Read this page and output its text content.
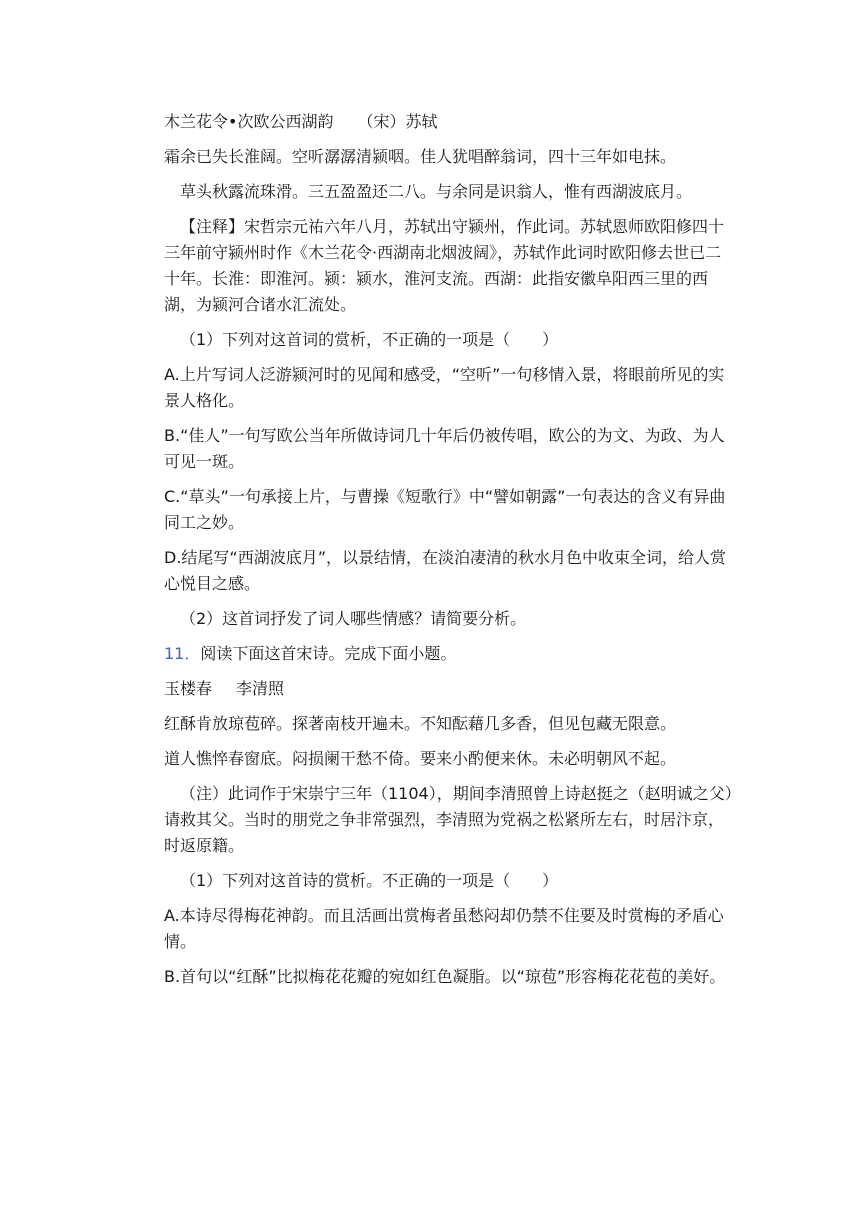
木兰花令•次欧公西湖韵 （宋）苏轼

霜余已失长淮阔。空听潺潺清颍咽。佳人犹唱醉翁词，四十三年如电抹。

草头秋露流珠滑。三五盈盈还二八。与余同是识翁人，惟有西湖波底月。

【注释】宋哲宗元祐六年八月，苏轼出守颍州，作此词。苏轼恩师欧阳修四十三年前守颍州时作《木兰花令·西湖南北烟波阔》，苏轼作此词时欧阳修去世已二十年。长淮：即淮河。颍：颍水，淮河支流。西湖：此指安徽阜阳西三里的西湖，为颍河合诸水汇流处。

（1）下列对这首词的赏析，不正确的一项是（　　）

A.上片写词人泛游颍河时的见闻和感受，“空听”一句移情入景，将眼前所见的实景人格化。

B.“佳人”一句写欧公当年所做诗词几十年后仍被传唱，欧公的为文、为政、为人可见一斑。

C.“草头”一句承接上片，与曹操《短歌行》中“譬如朝露”一句表达的含义有异曲同工之妙。

D.结尾写“西湖波底月”，以景结情，在淡泊凄清的秋水月色中收束全词，给人赏心悦目之感。

（2）这首词抒发了词人哪些情感？请简要分析。

11．阅读下面这首宋诗。完成下面小题。

玉楼春 李清照

红酥肯放琼苞碎。探著南枝开遍未。不知酝藉几多香，但见包藏无限意。

道人憔悴春窗底。闷损阑干愁不倚。要来小酌便来休。未必明朝风不起。

（注）此词作于宋崇宁三年（1104），期间李清照曾上诗赵挺之（赵明诚之父）请救其父。当时的朋党之争非常强烈，李清照为党祸之松紧所左右，时居汴京，时返原籍。

（1）下列对这首诗的赏析。不正确的一项是（　　）

A.本诗尽得梅花神韵。而且活画出赏梅者虽愁闷却仍禁不住要及时赏梅的矛盾心情。

B.首句以“红酥”比拟梅花花瓣的宛如红色凝脂。以“琼苞”形容梅花花苞的美好。
